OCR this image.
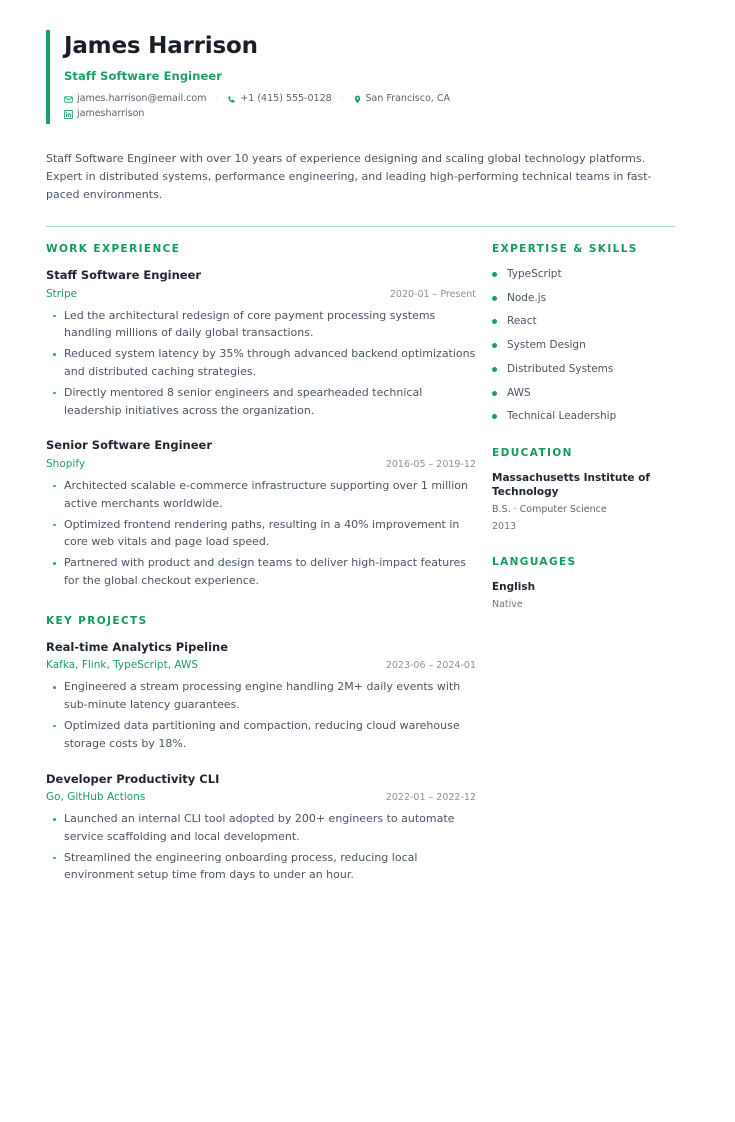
James Harrison
Staff Software Engineer
james.harrison@email.com	·	+1 (415) 555-0128	·	San Francisco, CA
jamesharrison
Staff Software Engineer with over 10 years of experience designing and scaling global technology platforms. Expert in distributed systems, performance engineering, and leading high-performing technical teams in fast-paced environments.
WORK EXPERIENCE
Staff Software Engineer
Stripe	2020-01 – Present
Led the architectural redesign of core payment processing systems handling millions of daily global transactions.
Reduced system latency by 35% through advanced backend optimizations and distributed caching strategies.
Directly mentored 8 senior engineers and spearheaded technical leadership initiatives across the organization.
Senior Software Engineer
Shopify	2016-05 – 2019-12
Architected scalable e-commerce infrastructure supporting over 1 million active merchants worldwide.
Optimized frontend rendering paths, resulting in a 40% improvement in core web vitals and page load speed.
Partnered with product and design teams to deliver high-impact features for the global checkout experience.
KEY PROJECTS
Real-time Analytics Pipeline
Kafka, Flink, TypeScript, AWS	2023-06 – 2024-01
Engineered a stream processing engine handling 2M+ daily events with sub-minute latency guarantees.
Optimized data partitioning and compaction, reducing cloud warehouse storage costs by 18%.
Developer Productivity CLI
Go, GitHub Actions	2022-01 – 2022-12
Launched an internal CLI tool adopted by 200+ engineers to automate service scaffolding and local development.
Streamlined the engineering onboarding process, reducing local environment setup time from days to under an hour.
EXPERTISE & SKILLS
TypeScript
Node.js
React
System Design
Distributed Systems
AWS
Technical Leadership
EDUCATION
Massachusetts Institute of Technology
B.S. · Computer Science
2013
LANGUAGES
English
Native
